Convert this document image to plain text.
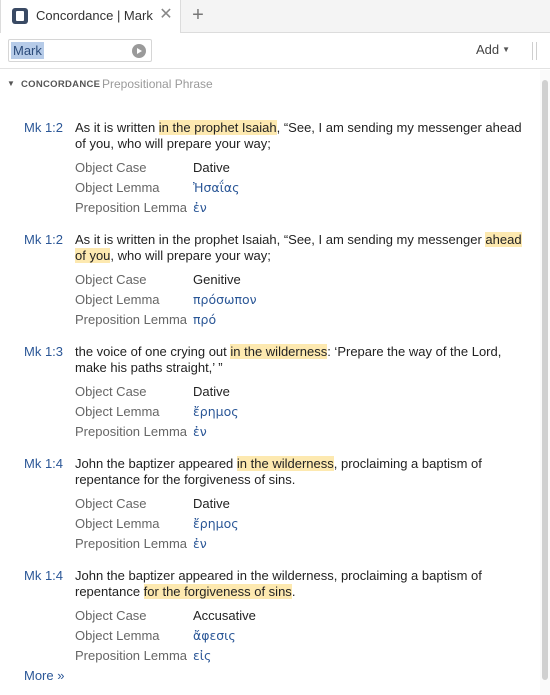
Concordance | Mark ✕ +
Mark	Add ▼
▼ CONCORDANCE Prepositional Phrase
Mk 1:2 As it is written in the prophet Isaiah, “See, I am sending my messenger ahead of you, who will prepare your way;
Object Case	Dative
Object Lemma	Ἠσαΐας
Preposition Lemma ἐν
Mk 1:2 As it is written in the prophet Isaiah, “See, I am sending my messenger ahead of you, who will prepare your way;
Object Case	Genitive
Object Lemma	πρόσωπον
Preposition Lemma πρό
Mk 1:3 the voice of one crying out in the wilderness: ‘Prepare the way of the Lord, make his paths straight,’ ”
Object Case	Dative
Object Lemma	ἔρημος
Preposition Lemma ἐν
Mk 1:4 John the baptizer appeared in the wilderness, proclaiming a baptism of repentance for the forgiveness of sins.
Object Case	Dative
Object Lemma	ἔρημος
Preposition Lemma ἐν
Mk 1:4 John the baptizer appeared in the wilderness, proclaiming a baptism of repentance for the forgiveness of sins.
Object Case	Accusative
Object Lemma	ἄφεσις
Preposition Lemma εἰς
More »
